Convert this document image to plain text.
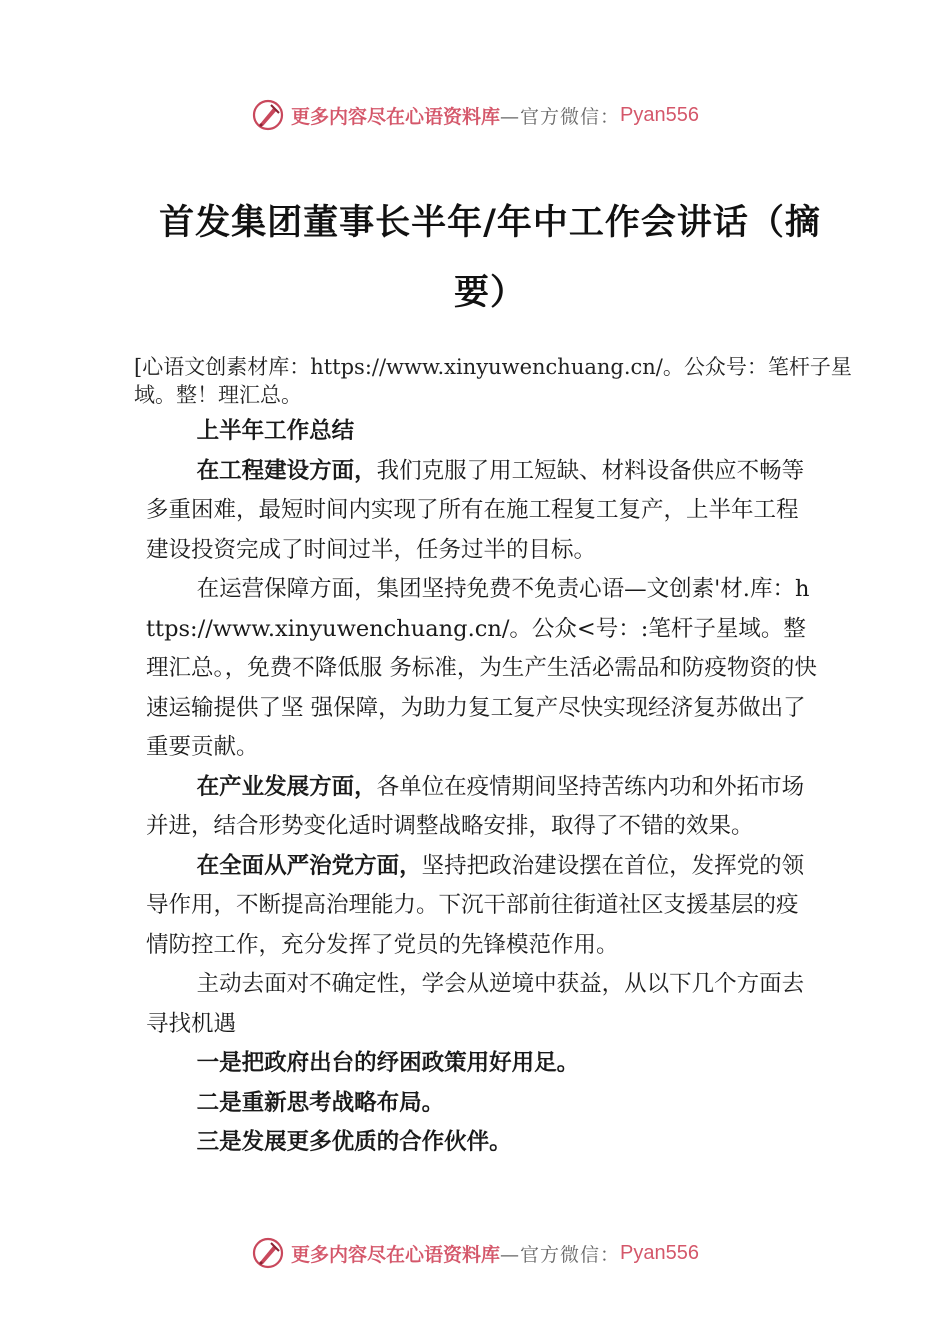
更多内容尽在心语资料库 —官方微信： Pyan556
首发集团董事长半年/年中工作会讲话（摘要）
[心语文创素材库：https://www.xinyuwenchuang.cn/。公众号：笔杆子星域。整！理汇总。

上半年工作总结

在工程建设方面，我们克服了用工短缺、材料设备供应不畅等多重困难，最短时间内实现了所有在施工程复工复产，上半年工程建设投资完成了时间过半，任务过半的目标。

在运营保障方面，集团坚持免费不免责心语—文创素'材.库：https://www.xinyuwenchuang.cn/。公众<号：:笔杆子星域。整理汇总。，免费不降低服 务标准，为生产生活必需品和防疫物资的快速运输提供了坚 强保障，为助力复工复产尽快实现经济复苏做出了重要贡献。

在产业发展方面，各单位在疫情期间坚持苦练内功和外拓市场并进，结合形势变化适时调整战略安排，取得了不错的效果。

在全面从严治党方面，坚持把政治建设摆在首位，发挥党的领导作用，不断提高治理能力。下沉干部前往街道社区支援基层的疫情防控工作，充分发挥了党员的先锋模范作用。

主动去面对不确定性，学会从逆境中获益，从以下几个方面去寻找机遇

一是把政府出台的纾困政策用好用足。

二是重新思考战略布局。

三是发展更多优质的合作伙伴。

更多内容尽在心语资料库 —官方微信： Pyan556
